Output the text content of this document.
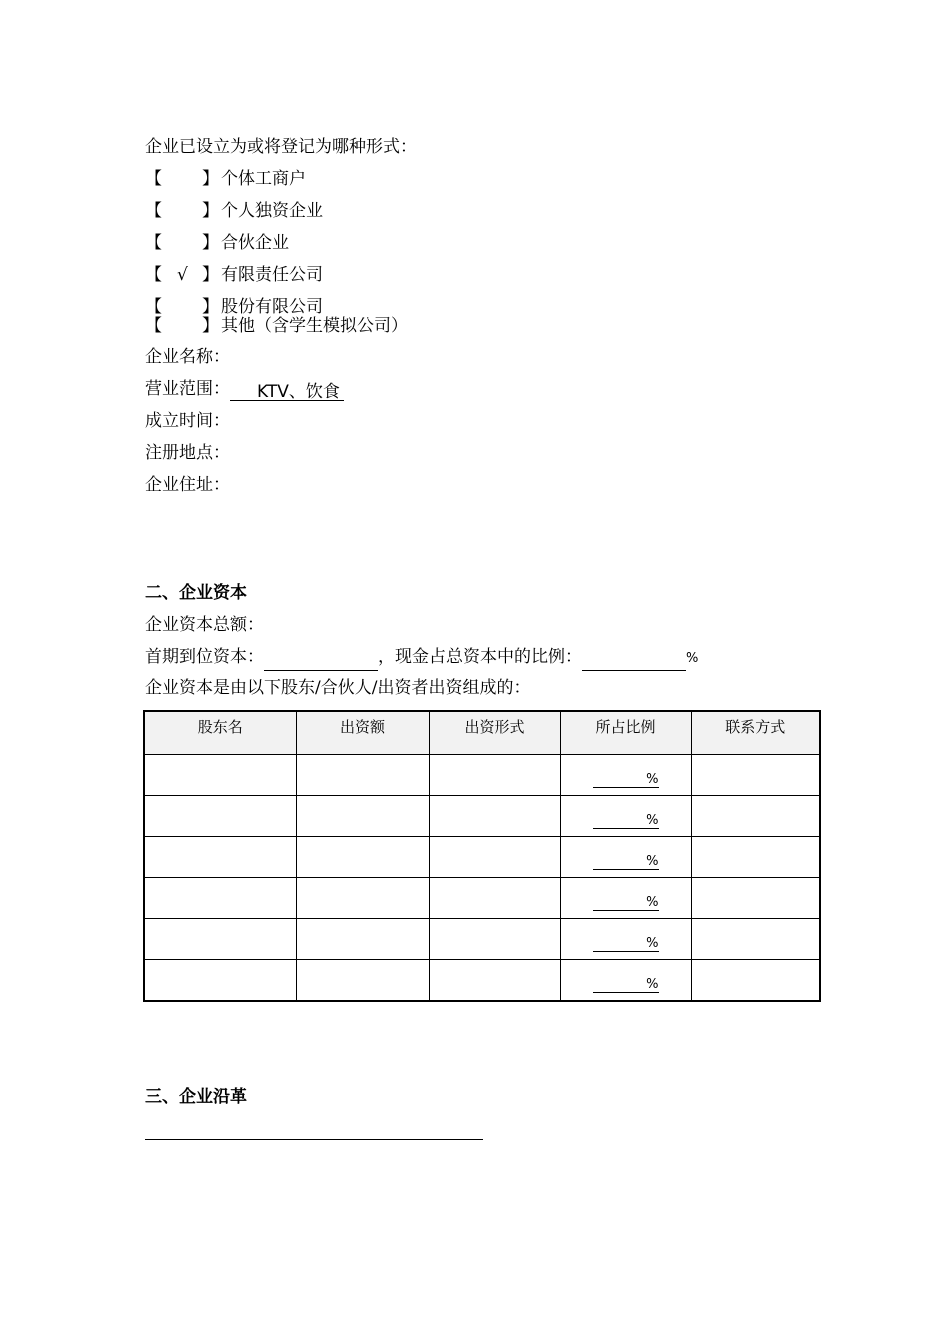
企业已设立为或将登记为哪种形式：
【 】 个体工商户
【 】 个人独资企业
【 】 合伙企业
【 √ 】 有限责任公司
【 】 股份有限公司
【 】 其他（含学生模拟公司）
企业名称：
营业范围： KTV、饮食
成立时间：
注册地点：
企业住址：
二、企业资本
企业资本总额：
首期到位资本：	，现金占总资本中的比例：	%
企业资本是由以下股东/合伙人/出资者出资组成的：
股东名	出资额	出资形式	所占比例	联系方式
			%	
			%	
			%	
			%	
			%	
			%	
三、企业沿革
